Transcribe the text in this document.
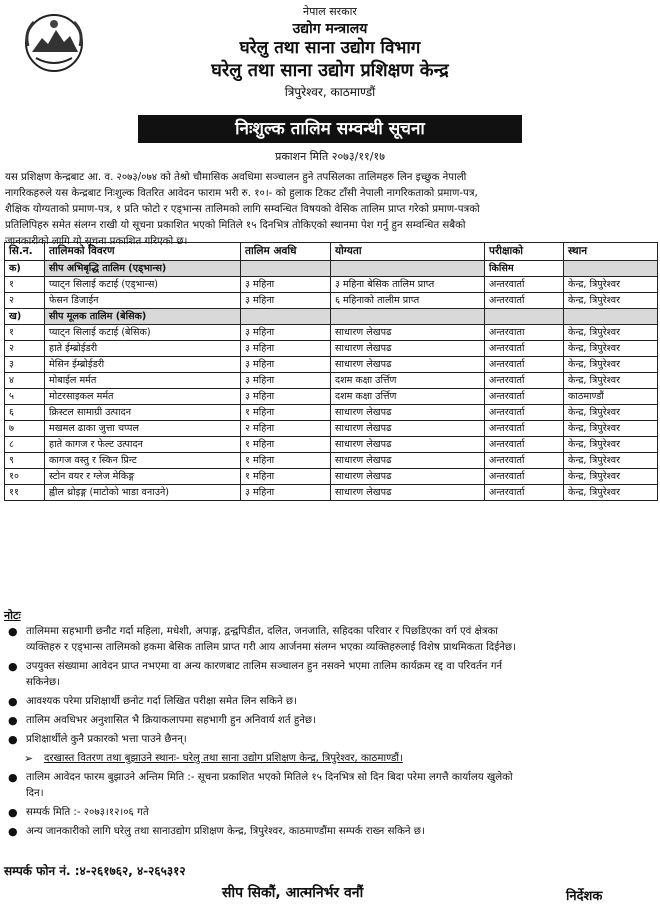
नेपाल सरकार
उद्योग मन्त्रालय
घरेलु तथा साना उद्योग विभाग
घरेलु तथा साना उद्योग प्रशिक्षण केन्द्र
त्रिपुरेश्वर, काठमाण्डौं
निःशुल्क तालिम सम्वन्धी सूचना
प्रकाशन मिति २०७३/११/१७
यस प्रशिक्षण केन्द्रबाट आ. व. २०७३/०७४ को तेश्रो चौमासिक अवधिमा सञ्चालन हुने तपसिलका तालिमहरु लिन इच्छुक नेपाली
नागरिकहरुले यस केन्द्रबाट निःशुल्क वितरित आवेदन फाराम भरी रु. १०।- को हुलाक टिकट टाँसी नेपाली नागरिकताको प्रमाण-पत्र,
शैक्षिक योग्यताको प्रमाण-पत्र, १ प्रति फोटो र एड्भान्स तालिमको लागि सम्वन्धित विषयको वेसिक तालिम प्राप्त गरेको प्रमाण-पत्रको
प्रतिलिपिहरु समेत संलग्न राखी यो सूचना प्रकाशित भएको मितिले १५ दिनभित्र तोकिएको स्थानमा पेश गर्नु हुन सम्वन्धित सबैको
जानकारीको लागि यो सूचना प्रकाशित गरिएको छ।
सि.न.	तालिमको विवरण	तालिम अवधि	योग्यता	परीक्षाको	स्थान
क)	सीप अभिबृद्धि तालिम (एड्भान्स)			किसिम	
१	प्याट्न सिलाई कटाई (एड्भान्स)	३ महिना	३ महिना बेसिक तालिम प्राप्त	अन्तरवार्ता	केन्द्र, त्रिपुरेश्वर
२	फेसन डिजाईन	३ महिना	६ महिनाको तालीम प्राप्त	अन्तरवार्ता	केन्द्र, त्रिपुरेश्वर
ख)	सीप मूलक तालिम (बेसिक)				
१	प्याट्न सिलाई कटाई (बेसिक)	३ महिना	साधारण लेखपढ	अन्तरवाता	केन्द्र, त्रिपुरेश्वर
२	हाते ईम्ब्रोईडरी	३ महिना	साधारण लेखपढ	अन्तरवार्ता	केन्द्र, त्रिपुरेश्वर
३	मेसिन ईम्ब्रोईडरी	३ महिना	साधारण लेखपढ	अन्तरवार्ता	केन्द्र, त्रिपुरेश्वर
४	मोबाईल मर्मत	३ महिना	दशम कक्षा उर्त्तिण	अन्तरवार्ता	केन्द्र, त्रिपुरेश्वर
५	मोटरसाइकल मर्मत	३ महिना	दशम कक्षा उर्त्तिण	अन्तरवार्ता	काठमाण्डौं
६	क्रिस्टल सामाग्री उत्पादन	१ महिना	साधारण लेखपढ	अन्तरवार्ता	केन्द्र, त्रिपुरेश्वर
७	मखमल ढाका जुत्ता चप्पल	२ महिना	साधारण लेखपढ	अन्तरवार्ता	केन्द्र, त्रिपुरेश्वर
८	हाते कागज र फेल्ट उत्पादन	१ महिना	साधारण लेखपढ	अन्तरवार्ता	केन्द्र, त्रिपुरेश्वर
९	कागज वस्तु र स्किन प्रिन्ट	१ महिना	साधारण लेखपढ	अन्तरवार्ता	केन्द्र, त्रिपुरेश्वर
१०	स्टोन वयर र ग्लेज मेकिङ्ग	१ महिना	साधारण लेखपढ	अन्तरवार्ता	केन्द्र, त्रिपुरेश्वर
११	ह्वील थ्रोइङ्ग (माटोको भाडा वनाउने)	३ महिना	साधारण लेखपढ	अन्तरवार्ता	केन्द्र, त्रिपुरेश्वर
नोटः
● तालिममा सहभागी छनौट गर्दा महिला, मधेशी, अपाङ्ग, द्वन्द्वपिडीत, दलित, जनजाति, सहिदका परिवार र पिछडिएका वर्ग एवं क्षेत्रका
व्यक्तिहरु र एड्भान्स तालिमको हकमा बेसिक तालिम प्राप्त गरी आय आर्जनमा संलग्न भएका व्यक्तिहरुलाई विशेष प्राथमिकता दिईनेछ।
● उपयुक्त संख्यामा आवेदन प्राप्त नभएमा वा अन्य कारणबाट तालिम सञ्चालन हुन नसक्ने भएमा तालिम कार्यक्रम रद्द वा परिवर्तन गर्न
सकिनेछ।
● आवश्यक परेमा प्रशिक्षार्थी छनोट गर्दा लिखित परीक्षा समेत लिन सकिने छ।
● तालिम अवधिभर अनुशासित भै क्रियाकलापमा सहभागी हुन अनिवार्य शर्त हुनेछ।
● प्रशिक्षार्थीले कुनै प्रकारको भत्ता पाउने छैनन्।
➢ दरखास्त वितरण तथा बुझाउने स्थानः- घरेलु तथा साना उद्योग प्रशिक्षण केन्द्र, त्रिपुरेश्वर, काठमाण्डौं।
● तालिम आवेदन फारम बुझाउने अन्तिम मिति :- सूचना प्रकाशित भएको मितिले १५ दिनभित्र सो दिन बिदा परेमा लगत्तै कार्यालय खुलेको
दिन।
● सम्पर्क मिति :- २०७३।१२।०६ गते
● अन्य जानकारीको लागि घरेलु तथा सानाउद्योग प्रशिक्षण केन्द्र, त्रिपुरेश्वर, काठमाण्डौंमा सम्पर्क राख्न सकिने छ।
सम्पर्क फोन नं. :४-२६१७६२, ४-२६५३१२
सीप सिकौं, आत्मनिर्भर वनौं	निर्देशक
